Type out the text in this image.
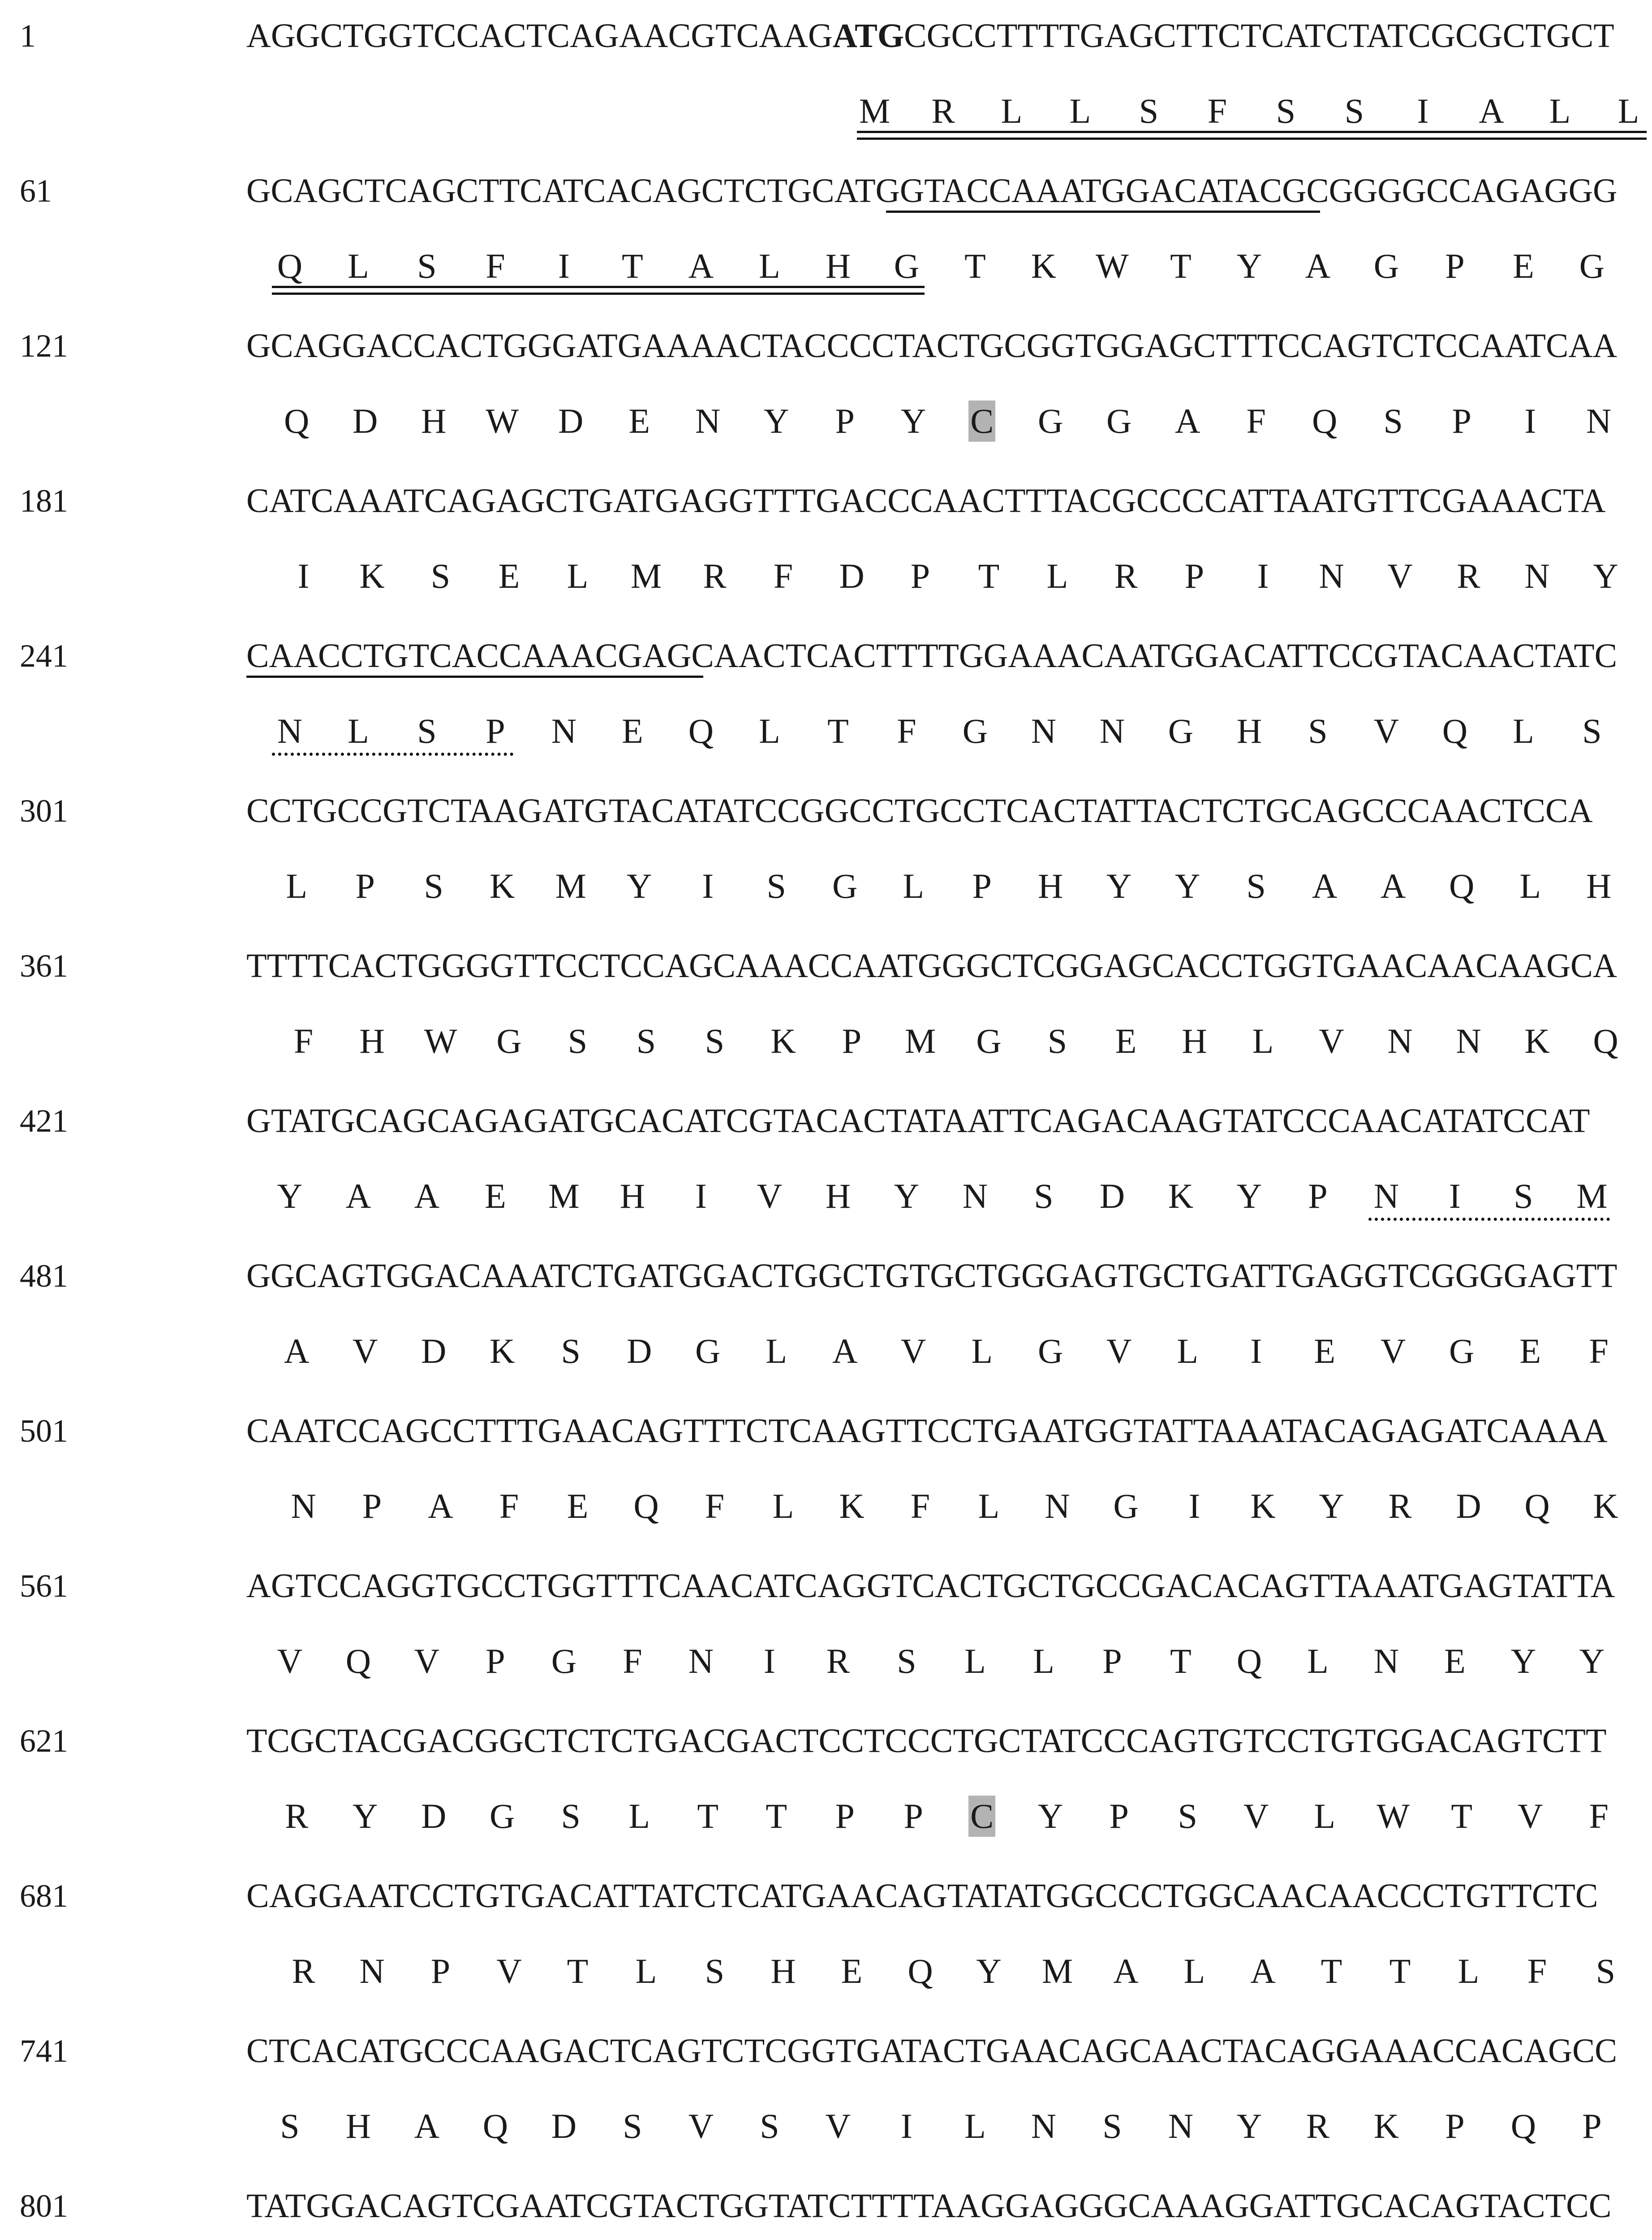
1	AGGCTGGTCCACTCAGAACGTCAAGATGCGCCTTTTGAGCTTCTCATCTATCGCGCTGCT
M	R	L	L	S	F	S	S	I	A	L	L
61	GCAGCTCAGCTTCATCACAGCTCTGCATGGTACCAAATGGACATACGCGGGGCCAGAGGG
Q	L	S	F	I	T	A	L	H	G	T	K	W	T	Y	A	G	P	E	G
121	GCAGGACCACTGGGATGAAAACTACCCCTACTGCGGTGGAGCTTTCCAGTCTCCAATCAA
Q	D	H	W	D	E	N	Y	P	Y	C	G	G	A	F	Q	S	P	I	N
181	CATCAAATCAGAGCTGATGAGGTTTGACCCAACTTTACGCCCCATTAATGTTCGAAACTA
I	K	S	E	L	M	R	F	D	P	T	L	R	P	I	N	V	R	N	Y
241	CAACCTGTCACCAAACGAGCAACTCACTTTTGGAAACAATGGACATTCCGTACAACTATC
N	L	S	P	N	E	Q	L	T	F	G	N	N	G	H	S	V	Q	L	S
301	CCTGCCGTCTAAGATGTACATATCCGGCCTGCCTCACTATTACTCTGCAGCCCAACTCCA
L	P	S	K	M	Y	I	S	G	L	P	H	Y	Y	S	A	A	Q	L	H
361	TTTTCACTGGGGTTCCTCCAGCAAACCAATGGGCTCGGAGCACCTGGTGAACAACAAGCA
F	H	W	G	S	S	S	K	P	M	G	S	E	H	L	V	N	N	K	Q
421	GTATGCAGCAGAGATGCACATCGTACACTATAATTCAGACAAGTATCCCAACATATCCAT
Y	A	A	E	M	H	I	V	H	Y	N	S	D	K	Y	P	N	I	S	M
481	GGCAGTGGACAAATCTGATGGACTGGCTGTGCTGGGAGTGCTGATTGAGGTCGGGGAGTT
A	V	D	K	S	D	G	L	A	V	L	G	V	L	I	E	V	G	E	F
501	CAATCCAGCCTTTGAACAGTTTCTCAAGTTCCTGAATGGTATTAAATACAGAGATCAAAA
N	P	A	F	E	Q	F	L	K	F	L	N	G	I	K	Y	R	D	Q	K
561	AGTCCAGGTGCCTGGTTTCAACATCAGGTCACTGCTGCCGACACAGTTAAATGAGTATTA
V	Q	V	P	G	F	N	I	R	S	L	L	P	T	Q	L	N	E	Y	Y
621	TCGCTACGACGGCTCTCTGACGACTCCTCCCTGCTATCCCAGTGTCCTGTGGACAGTCTT
R	Y	D	G	S	L	T	T	P	P	C	Y	P	S	V	L	W	T	V	F
681	CAGGAATCCTGTGACATTATCTCATGAACAGTATATGGCCCTGGCAACAACCCTGTTCTC
R	N	P	V	T	L	S	H	E	Q	Y	M	A	L	A	T	T	L	F	S
741	CTCACATGCCCAAGACTCAGTCTCGGTGATACTGAACAGCAACTACAGGAAACCACAGCC
S	H	A	Q	D	S	V	S	V	I	L	N	S	N	Y	R	K	P	Q	P
801	TATGGACAGTCGAATCGTACTGGTATCTTTTAAGGAGGGCAAAGGATTGCACAGTACTCC
